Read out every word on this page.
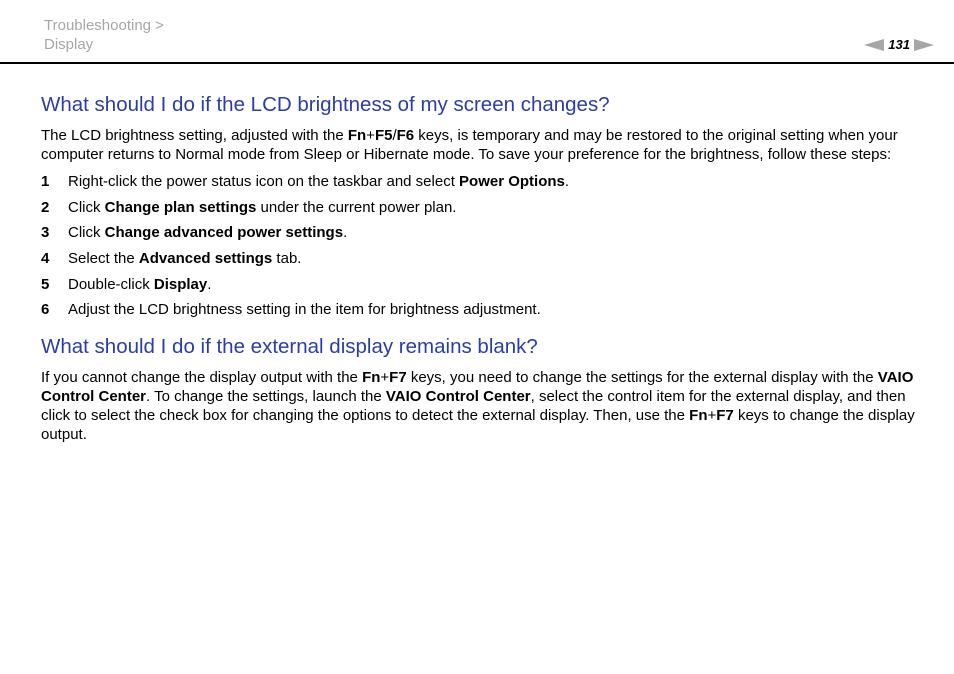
Troubleshooting >
Display	131
What should I do if the LCD brightness of my screen changes?

The LCD brightness setting, adjusted with the Fn+F5/F6 keys, is temporary and may be restored to the original setting when your computer returns to Normal mode from Sleep or Hibernate mode. To save your preference for the brightness, follow these steps:

1	Right-click the power status icon on the taskbar and select Power Options.
2	Click Change plan settings under the current power plan.
3	Click Change advanced power settings.
4	Select the Advanced settings tab.
5	Double-click Display.
6	Adjust the LCD brightness setting in the item for brightness adjustment.
What should I do if the external display remains blank?

If you cannot change the display output with the Fn+F7 keys, you need to change the settings for the external display with the VAIO Control Center. To change the settings, launch the VAIO Control Center, select the control item for the external display, and then click to select the check box for changing the options to detect the external display. Then, use the Fn+F7 keys to change the display output.
